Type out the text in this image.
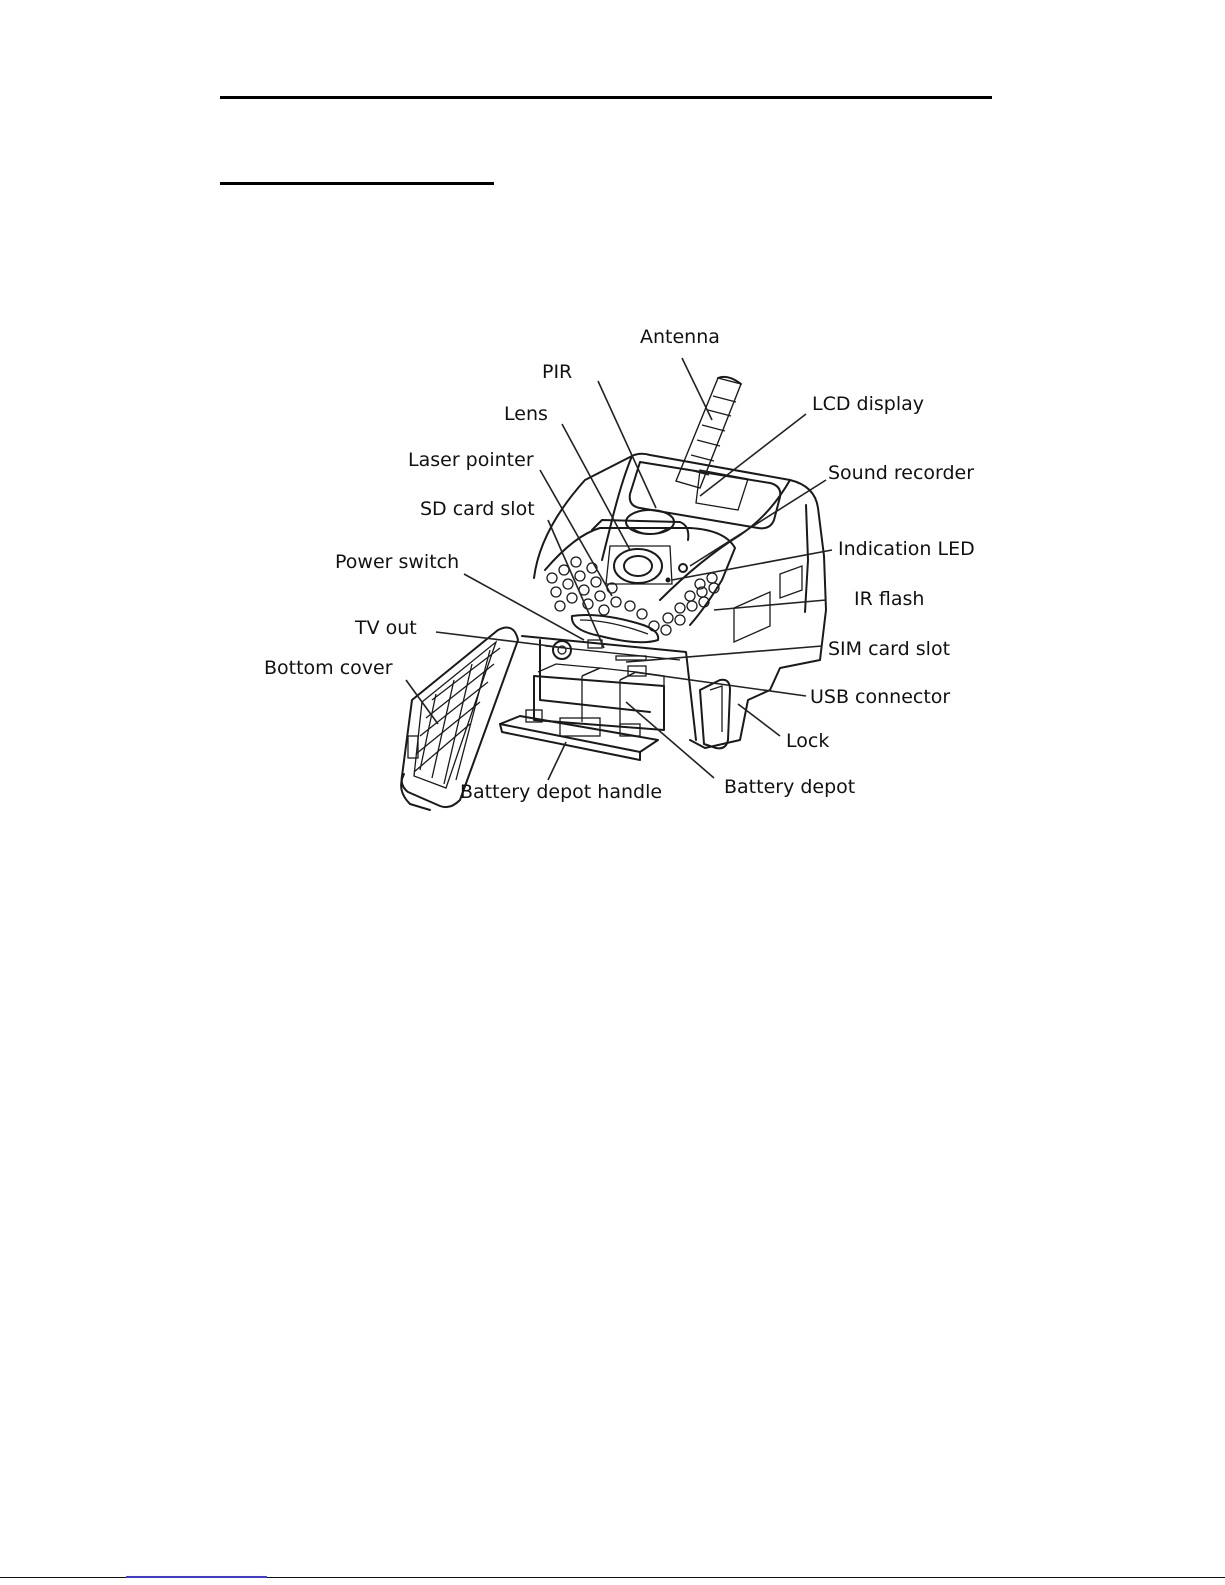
Antenna
PIR
LCD display
Lens
Laser pointer
Sound recorder
SD card slot
Indication LED
Power switch
IR flash
TV out
SIM card slot
Bottom cover
USB connector
Lock
Battery depot handle	Battery depot
